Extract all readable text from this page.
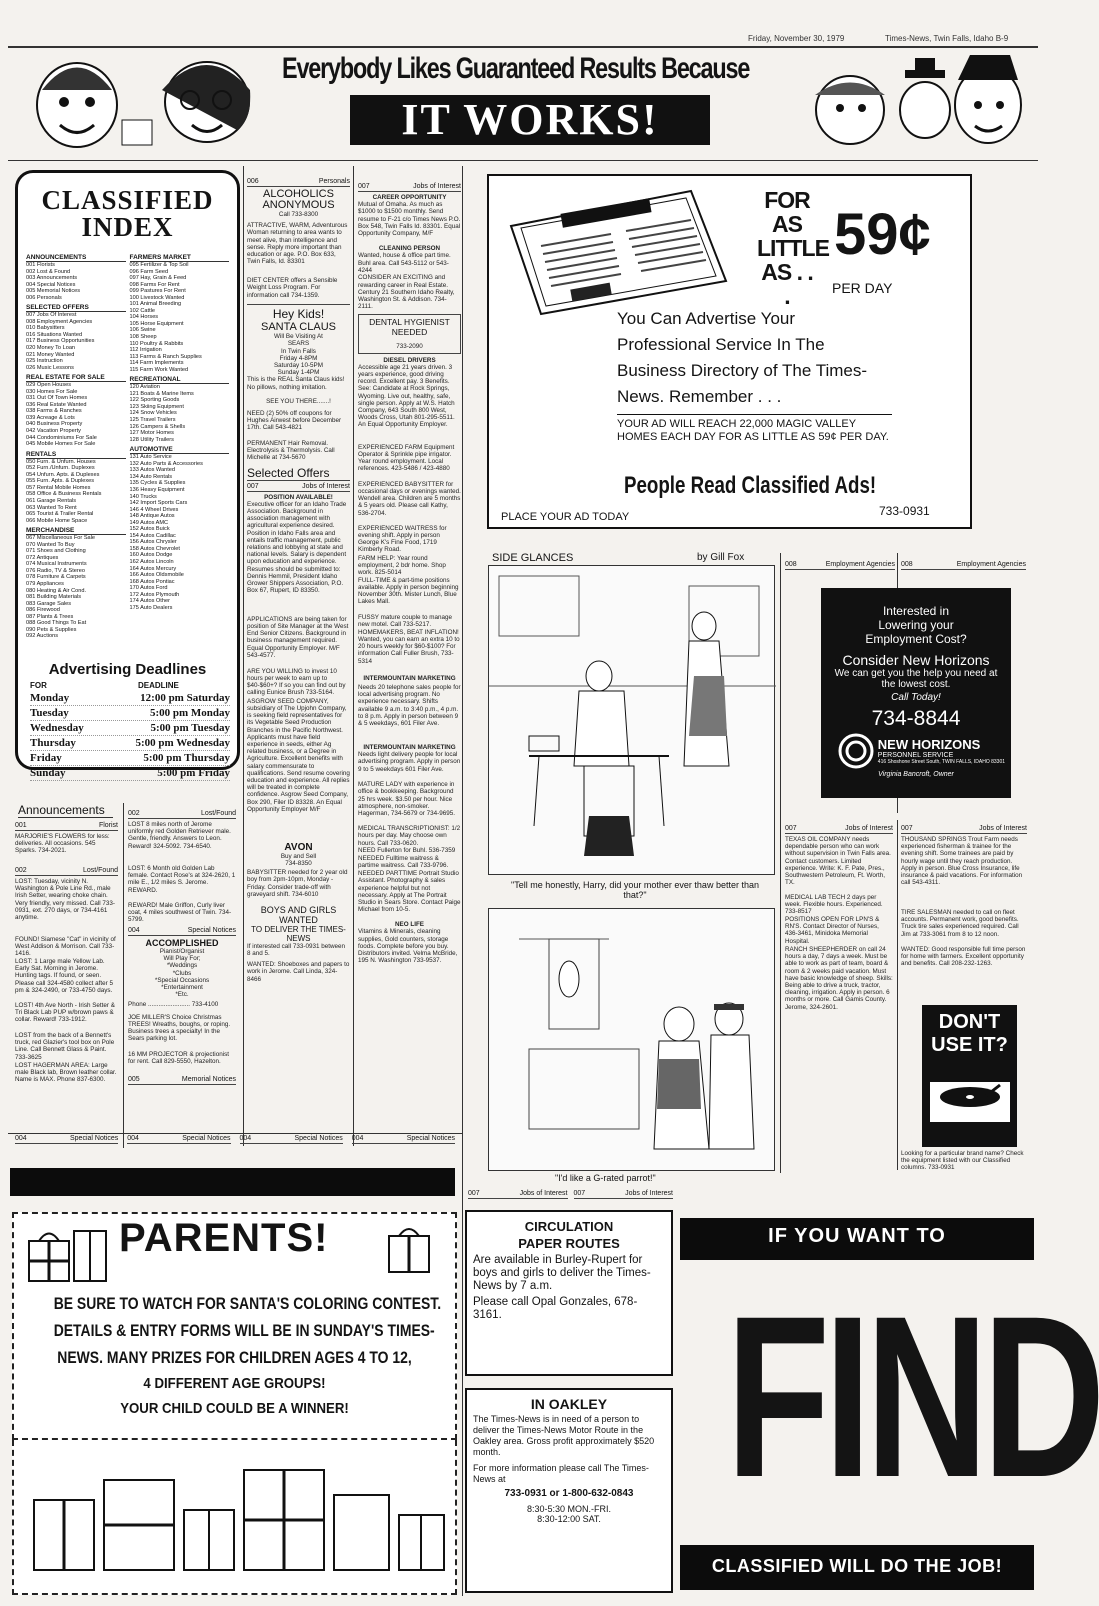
Friday, November 30, 1979	Times-News, Twin Falls, Idaho B-9
Everybody Likes Guaranteed Results Because
IT WORKS!
CLASSIFIED
INDEX
ANNOUNCEMENTS
001 Florists
002 Lost & Found
003 Announcements
004 Special Notices
005 Memorial Notices
006 Personals
SELECTED OFFERS
007 Jobs Of Interest
008 Employment Agencies
010 Babysitters
016 Situations Wanted
017 Business Opportunities
020 Money To Loan
021 Money Wanted
025 Instruction
026 Music Lessons
REAL ESTATE FOR SALE
029 Open Houses
030 Homes For Sale
031 Out Of Town Homes
036 Real Estate Wanted
038 Farms & Ranches
039 Acreage & Lots
040 Business Property
042 Vacation Property
044 Condominiums For Sale
045 Mobile Homes For Sale
RENTALS
050 Furn. & Unfurn. Houses
052 Furn./Unfurn. Duplexes
054 Unfurn. Apts. & Duplexes
055 Furn. Apts. & Duplexes
057 Rental Mobile Homes
058 Office & Business Rentals
061 Garage Rentals
063 Wanted To Rent
065 Tourist & Trailer Rental
066 Mobile Home Space
MERCHANDISE
067 Miscellaneous For Sale
070 Wanted To Buy
071 Shoes and Clothing
072 Antiques
074 Musical Instruments
076 Radio, TV & Stereo
078 Furniture & Carpets
079 Appliances
080 Heating & Air Cond.
081 Building Materials
083 Garage Sales
086 Firewood
087 Plants & Trees
088 Good Things To Eat
090 Pets & Supplies
092 Auctions
FARMERS MARKET
095 Fertilizer & Top Soil
096 Farm Seed
097 Hay, Grain & Feed
098 Farms For Rent
099 Pastures For Rent
100 Livestock Wanted
101 Animal Breeding
102 Cattle
104 Horses
105 Horse Equipment
106 Swine
108 Sheep
110 Poultry & Rabbits
112 Irrigation
113 Farms & Ranch Supplies
114 Farm Implements
115 Farm Work Wanted
RECREATIONAL
120 Aviation
121 Boats & Marine Items
122 Sporting Goods
123 Skiing Equipment
124 Snow Vehicles
125 Travel Trailers
126 Campers & Shells
127 Motor Homes
128 Utility Trailers
AUTOMOTIVE
131 Auto Service
132 Auto Parts & Accessories
133 Autos Wanted
134 Auto Rentals
135 Cycles & Supplies
136 Heavy Equipment
140 Trucks
142 Import Sports Cars
146 4 Wheel Drives
148 Antique Autos
149 Autos AMC
152 Autos Buick
154 Autos Cadillac
156 Autos Chrysler
158 Autos Chevrolet
160 Autos Dodge
162 Autos Lincoln
164 Autos Mercury
166 Autos Oldsmobile
168 Autos Pontiac
170 Autos Ford
172 Autos Plymouth
174 Autos Other
175 Auto Dealers
Advertising Deadlines
FOR	DEADLINE
Monday	12:00 pm Saturday
Tuesday	5:00 pm Monday
Wednesday	5:00 pm Tuesday
Thursday	5:00 pm Wednesday
Friday	5:00 pm Thursday
Sunday	5:00 pm Friday
006	Personals
ALCOHOLICS ANONYMOUS
Call 733-8300
ATTRACTIVE, WARM, Adventurous Woman returning to area wants to meet alive, than intelligence and sense. Reply more important than education or age. P.O. Box 633, Twin Falls, Id. 83301
DIET CENTER offers a Sensible Weight Loss Program. For information call 734-1359.
Hey Kids!
SANTA CLAUS
Will Be Visiting At
SEARS
In Twin Falls
Friday 4-8PM
Saturday 10-5PM
Sunday 1-4PM
This is the REAL Santa Claus kids! No pillows, nothing imitation.
SEE YOU THERE.......!
NEED (2) 50% off coupons for Hughes Airwest before December 17th. Call 543-4821
PERMANENT Hair Removal. Electrolysis & Thermolysis. Call Michelle at 734-5670
Selected Offers
007	Jobs of Interest
POSITION AVAILABLE!
Executive officer for an Idaho Trade Association. Background in association management with agricultural experience desired. Position in Idaho Falls area and entails traffic management, public relations and lobbying at state and national levels. Salary is dependent upon education and experience. Resumes should be submitted to: Dennis Hemmil, President Idaho Grower Shippers Association, P.O. Box 67, Rupert, ID 83350.
APPLICATIONS are being taken for position of Site Manager at the West End Senior Citizens. Background in business management required. Equal Opportunity Employer. M/F 543-4577.
ARE YOU WILLING to invest 10 hours per week to earn up to $40-$60+? If so you can find out by calling Eunice Brush 733-5164.
ASGROW SEED COMPANY, subsidiary of The Upjohn Company, is seeking field representatives for its Vegetable Seed Production Branches in the Pacific Northwest. Applicants must have field experience in seeds, either Ag related business, or a Degree in Agriculture. Excellent benefits with salary commensurate to qualifications. Send resume covering education and experience. All replies will be treated in complete confidence. Asgrow Seed Company, Box 290, Filer ID 83328. An Equal Opportunity Employer M/F
AVON
Buy and Sell
734-8350
BABYSITTER needed for 2 year old boy from 2pm-10pm, Monday - Friday. Consider trade-off with graveyard shift. 734-6010
BOYS AND GIRLS WANTED
TO DELIVER THE TIMES-NEWS
If interested call 733-0931 between 8 and 5.
WANTED: Shoeboxes and papers to work in Jerome. Call Linda, 324-8466
007	Jobs of Interest
CAREER OPPORTUNITY
Mutual of Omaha. As much as $1000 to $1500 monthly. Send resume to F-21 c/o Times News P.O. Box 548, Twin Falls Id. 83301. Equal Opportunity Company, M/F
CLEANING PERSON
Wanted, house & office part time. Buhl area. Call 543-5112 or 543-4244
CONSIDER AN EXCITING and rewarding career in Real Estate. Century 21 Southern Idaho Realty, Washington St. & Addison. 734-2111.
DENTAL HYGIENIST NEEDED
733-2090
DIESEL DRIVERS
Accessible age 21 years driven. 3 years experience, good driving record. Excellent pay. 3 Benefits. See: Candidate at Rock Springs, Wyoming. Live out, healthy, safe, single person. Apply at W.S. Hatch Company, 643 South 800 West, Woods Cross, Utah 801-295-5511. An Equal Opportunity Employer.
EXPERIENCED FARM Equipment Operator & Sprinkle pipe irrigator. Year round employment. Local references. 423-5486 / 423-4880
EXPERIENCED BABYSITTER for occasional days or evenings wanted. Wendell area. Children are 5 months & 5 years old. Please call Kathy, 536-2704.
EXPERIENCED WAITRESS for evening shift. Apply in person George K's Fine Food, 1719 Kimberly Road.
FARM HELP: Year round employment, 2 bdr home. Shop work. 825-5014
FULL-TIME & part-time positions available. Apply in person beginning November 30th. Mister Lunch, Blue Lakes Mall.
FUSSY mature couple to manage new motel. Call 733-5217.
HOMEMAKERS, BEAT INFLATION! Wanted, you can earn an extra 10 to 20 hours weekly for $60-$100? For information Call Fuller Brush, 733-5314
INTERMOUNTAIN MARKETING
Needs 20 telephone sales people for local advertising program. No experience necessary. Shifts available 9 a.m. to 3:40 p.m., 4 p.m. to 8 p.m. Apply in person between 9 & 5 weekdays, 601 Filer Ave.
INTERMOUNTAIN MARKETING
Needs light delivery people for local advertising program. Apply in person 9 to 5 weekdays 601 Filer Ave.
MATURE LADY with experience in office & bookkeeping. Background 25 hrs week. $3.50 per hour. Nice atmosphere, non-smoker. Hagerman, 734-5679 or 734-9695.
MEDICAL TRANSCRIPTIONIST: 1/2 hours per day. May choose own hours. Call 733-0620.
NEED Fullerton for Buhl. 536-7359
NEEDED Fulltime waitress & partime waitress. Call 733-9796.
NEEDED PARTTIME Portrait Studio Assistant. Photography & sales experience helpful but not necessary. Apply at The Portrait Studio in Sears Store. Contact Paige Michael from 10-5.
NEO LIFE
Vitamins & Minerals, cleaning supplies, Gold counters, storage foods. Complete before you buy. Distributors invited. Velma McBride, 195 N. Washington 733-9537.
FOR
AS
LITTLE
AS . . .
59¢
PER DAY
You Can Advertise Your Professional Service In The Business Directory of The Times-News. Remember . . .
YOUR AD WILL REACH 22,000 MAGIC VALLEY HOMES EACH DAY FOR AS LITTLE AS 59¢ PER DAY.
People Read Classified Ads!
PLACE YOUR AD TODAY	733-0931
SIDE GLANCES	by Gill Fox
"Tell me honestly, Harry, did your mother ever thaw better than that?"
"I'd like a G-rated parrot!"
008	Employment Agencies 008	Employment Agencies
Interested in
Lowering your
Employment Cost?
Consider New Horizons
We can get you the help you need at the lowest cost.
Call Today!
734-8844
NEW HORIZONS
PERSONNEL SERVICE
416 Shoshone Street South, TWIN FALLS, IDAHO 83301
Virginia Bancroft, Owner
007	Jobs of Interest
TEXAS OIL COMPANY needs dependable person who can work without supervision in Twin Falls area. Contact customers. Limited experience. Write: K. F. Pate, Pres., Southwestern Petroleum, Ft. Worth, TX.
MEDICAL LAB TECH 2 days per week. Flexible hours. Experienced. 733-8517
POSITIONS OPEN FOR LPN'S & RN'S. Contact Director of Nurses, 436-3461, Minidoka Memorial Hospital.
RANCH SHEEPHERDER on call 24 hours a day, 7 days a week. Must be able to work as part of team, board & room & 2 weeks paid vacation. Must have basic knowledge of sheep. Skills: Being able to drive a truck, tractor, cleaning, irrigation. Apply in person. 6 months or more. Call Gamis County. Jerome, 324-2601.
007	Jobs of Interest
THOUSAND SPRINGS Trout Farm needs experienced fisherman & trainee for the evening shift. Some trainees are paid by hourly wage until they reach production. Apply in person. Blue Cross Insurance, life insurance & paid vacations. For information call 543-4311.
TIRE SALESMAN needed to call on fleet accounts. Permanent work, good benefits. Truck tire sales experienced required. Call Jim at 733-3061 from 8 to 12 noon.
WANTED: Good responsible full time person for home with farmers. Excellent opportunity and benefits. Call 208-232-1263.
DON'T
USE IT?
Looking for a particular brand name? Check the equipment listed with our Classified columns. 733-0931
Announcements
001	Florist
MARJORIE'S FLOWERS for less: deliveries. All occasions. 545 Sparks. 734-2021.
002	Lost/Found
LOST: Tuesday, vicinity N. Washington & Pole Line Rd., male Irish Setter, wearing choke chain. Very friendly, very missed. Call 733-0931, ext. 270 days, or 734-4161 anytime.
FOUND! Siamese "Cat" in vicinity of West Addison & Morrison. Call 733-1416.
LOST: 1 Large male Yellow Lab. Early Sat. Morning in Jerome. Hunting tags. If found, or seen. Please call 324-4580 collect after 5 pm & 324-2490, or 733-4750 days.
LOST! 4th Ave North - Irish Setter & Tri Black Lab PUP w/brown paws & collar. Reward! 733-1912.
LOST from the back of a Bennett's truck, red Glazier's tool box on Pole Line. Call Bennett Glass & Paint. 733-3625
LOST HAGERMAN AREA: Large male Black lab, Brown leather collar. Name is MAX. Phone 837-6300.
002	Lost/Found
LOST 8 miles north of Jerome uniformly red Golden Retriever male. Gentle, friendly. Answers to Leon. Reward! 324-5092. 734-6540.
LOST: 6 Month old Golden Lab female. Contact Rose's at 324-2620, 1 mile E., 1/2 miles S. Jerome. REWARD.
REWARD! Male Griffon, Curly liver coat, 4 miles southwest of Twin. 734-5799.
004	Special Notices
ACCOMPLISHED
Pianist/Organist
Will Play For;
*Weddings
*Clubs
*Special Occasions
*Entertainment
*Etc.
Phone ........................ 733-4100
JOE MILLER'S Choice Christmas TREES! Wreaths, boughs, or roping. Business trees a specialty! In the Sears parking lot.
16 MM PROJECTOR & projectionist for rent. Call 829-5550, Hazelton.
005	Memorial Notices
004	Special Notices 004	Special Notices 004	Special Notices 004	Special Notices
PARENTS!
BE SURE TO WATCH FOR SANTA'S COLORING CONTEST.
DETAILS & ENTRY FORMS WILL BE IN SUNDAY'S TIMES-
NEWS. MANY PRIZES FOR CHILDREN AGES 4 TO 12,
4 DIFFERENT AGE GROUPS!
YOUR CHILD COULD BE A WINNER!
007	Jobs of Interest 007	Jobs of Interest
CIRCULATION
PAPER ROUTES
Are available in Burley-Rupert for boys and girls to deliver the Times-News by 7 a.m.
Please call Opal Gonzales, 678-3161.
IN OAKLEY
The Times-News is in need of a person to deliver the Times-News Motor Route in the Oakley area. Gross profit approximately $520 month.
For more information please call The Times-News at
733-0931 or 1-800-632-0843
8:30-5:30 MON.-FRI.
8:30-12:00 SAT.
IF YOU WANT TO
FIND
CLASSIFIED WILL DO THE JOB!
